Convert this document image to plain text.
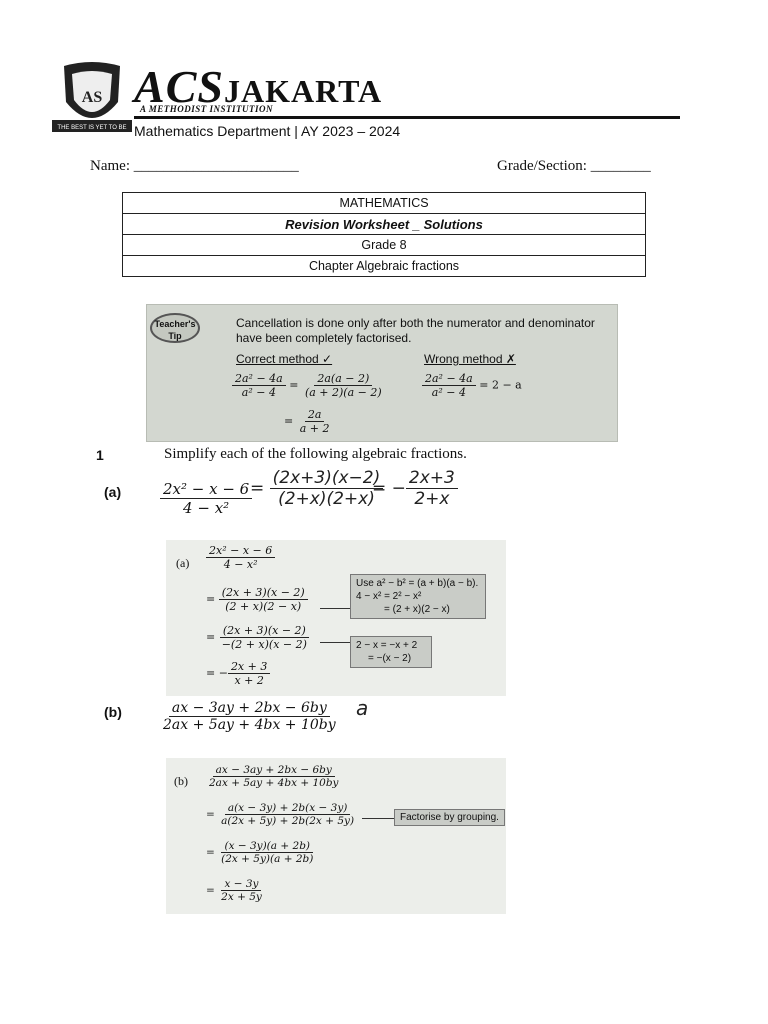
AS
THE BEST IS YET TO BE
ACSJAKARTA
A METHODIST INSTITUTION
Mathematics Department | AY 2023 – 2024
Name: ______________________	Grade/Section: ________
MATHEMATICS
Revision Worksheet _ Solutions
Grade 8
Chapter Algebraic fractions
Teacher's Tip
Cancellation is done only after both the numerator and denominator have been completely factorised.
Correct method ✓	Wrong method ✗
$\frac{\text{2a² − 4a}}{\text{a² − 4}} = \frac{2a(a - 2)}{(a + 2)(a - 2)}$
= $\frac{2a}{a + 2}$
$\frac{\text{2a² − 4a}}{\text{a² − 4}} = 2 - a$
1	Simplify each of the following algebraic fractions.
(a)	$\frac{\text{2x² − x − 6}}{\text{4 − x²}}$
= $\frac{(2x+3)(x-2)}{(2+x)(2+x)}$
= − $\frac{2x+3}{2+x}$
$(a) \frac{\text{2x² − x − 6}}{\text{4 − x²}}$
= $\frac{(2x + 3)(x - 2)}{(2 + x)(2 - x)}$
= $\frac{(2x + 3)(x - 2)}{-(2 + x)(x - 2)}$
= − $\frac{2x + 3}{x + 2}$
Use a² − b² = (a + b)(a − b).
4 − x² = 2² − x²
= (2 + x)(2 − x)
2 − x = −x + 2
= −(x − 2)
(b)	$\frac{ax - 3ay + 2bx - 6by}{2ax + 5ay + 4bx + 10by}$ a
$(b) \frac{ax - 3ay + 2bx - 6by}{2ax + 5ay + 4bx + 10by}$
= $\frac{a(x - 3y) + 2b(x - 3y)}{a(2x + 5y) + 2b(2x + 5y)}$
= $\frac{(x - 3y)(a + 2b)}{(2x + 5y)(a + 2b)}$
= $\frac{x - 3y}{2x + 5y}$
Factorise by grouping.
